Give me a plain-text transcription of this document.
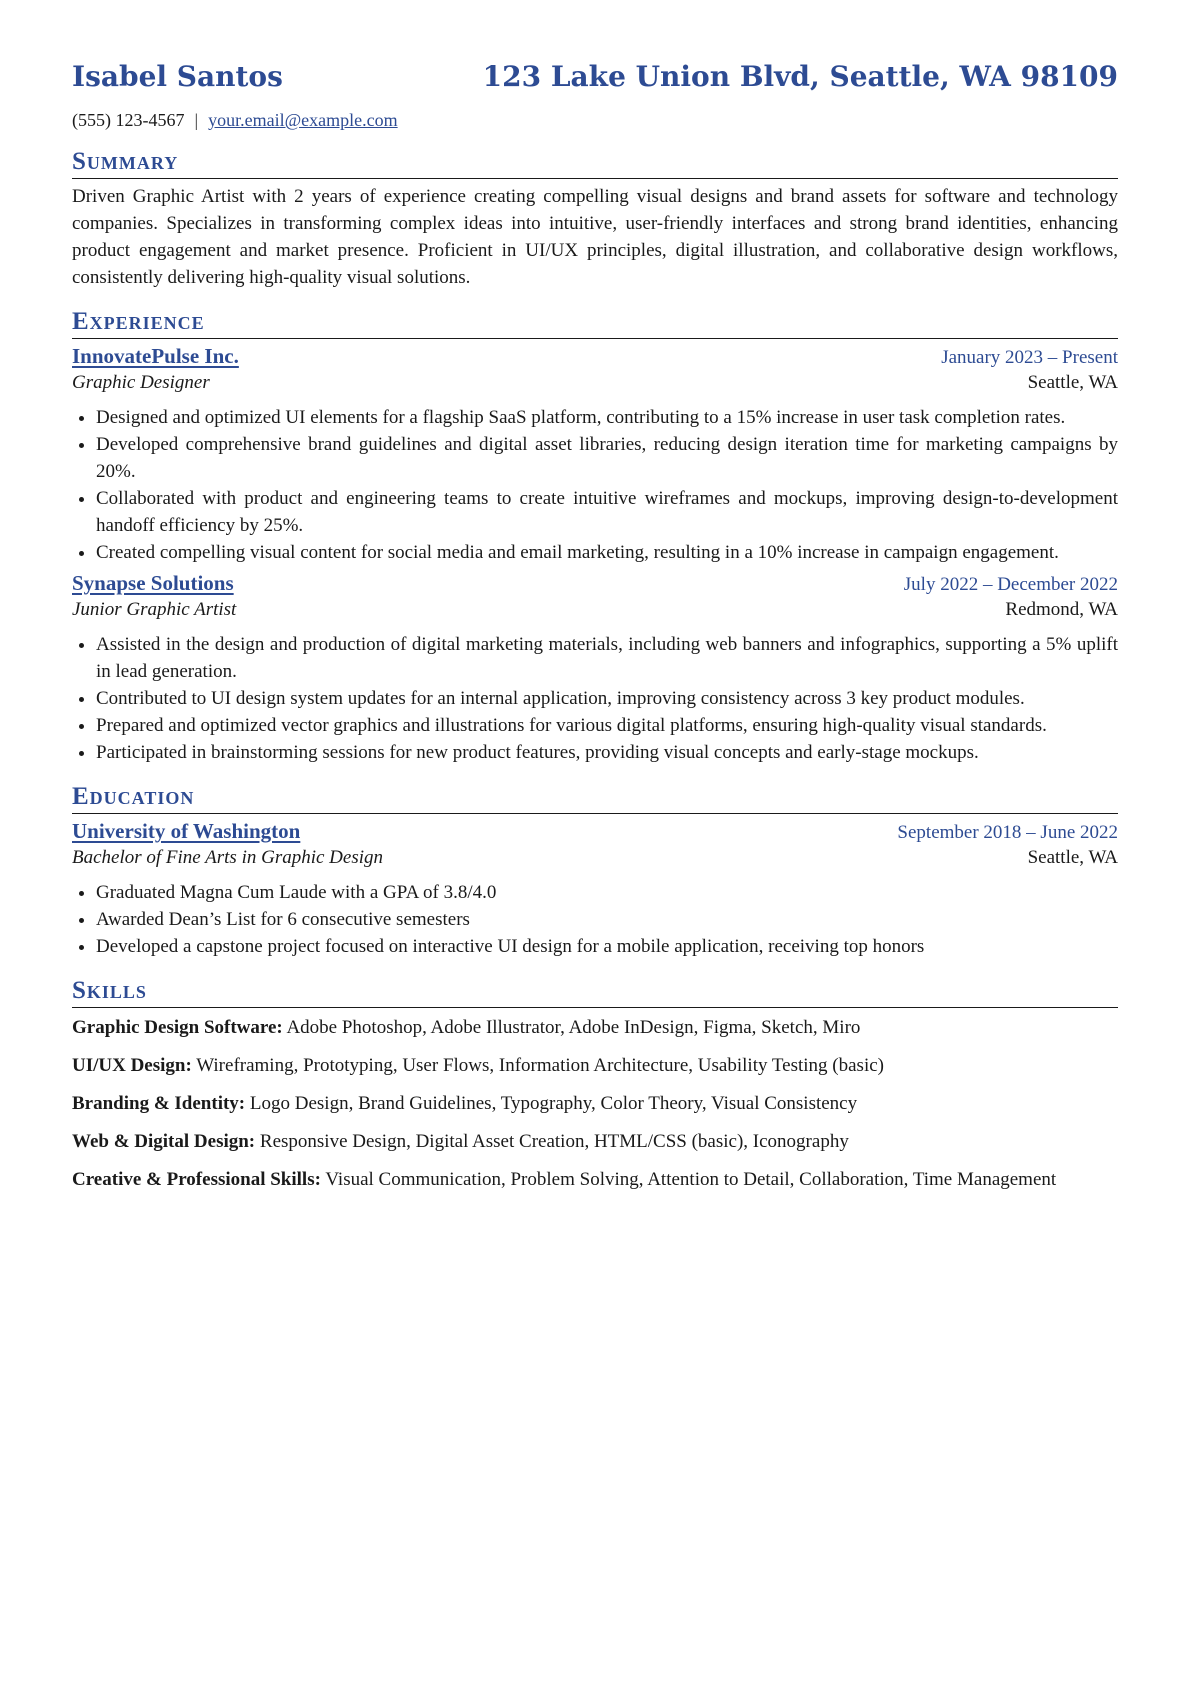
Isabel Santos	123 Lake Union Blvd, Seattle, WA 98109
(555) 123-4567 | your.email@example.com
Summary
Driven Graphic Artist with 2 years of experience creating compelling visual designs and brand assets for software and technology companies. Specializes in transforming complex ideas into intuitive, user-friendly interfaces and strong brand identities, enhancing product engagement and market presence. Proficient in UI/UX principles, digital illustration, and collaborative design workflows, consistently delivering high-quality visual solutions.
Experience
InnovatePulse Inc.	January 2023 – Present
Graphic Designer	Seattle, WA
• Designed and optimized UI elements for a flagship SaaS platform, contributing to a 15% increase in user task completion rates.
• Developed comprehensive brand guidelines and digital asset libraries, reducing design iteration time for marketing campaigns by 20%.
• Collaborated with product and engineering teams to create intuitive wireframes and mockups, improving design-to-development handoff efficiency by 25%.
• Created compelling visual content for social media and email marketing, resulting in a 10% increase in campaign engagement.
Synapse Solutions	July 2022 – December 2022
Junior Graphic Artist	Redmond, WA
• Assisted in the design and production of digital marketing materials, including web banners and infographics, supporting a 5% uplift in lead generation.
• Contributed to UI design system updates for an internal application, improving consistency across 3 key product modules.
• Prepared and optimized vector graphics and illustrations for various digital platforms, ensuring high-quality visual standards.
• Participated in brainstorming sessions for new product features, providing visual concepts and early-stage mockups.
Education
University of Washington	September 2018 – June 2022
Bachelor of Fine Arts in Graphic Design	Seattle, WA
• Graduated Magna Cum Laude with a GPA of 3.8/4.0
• Awarded Dean’s List for 6 consecutive semesters
• Developed a capstone project focused on interactive UI design for a mobile application, receiving top honors
Skills
Graphic Design Software: Adobe Photoshop, Adobe Illustrator, Adobe InDesign, Figma, Sketch, Miro
UI/UX Design: Wireframing, Prototyping, User Flows, Information Architecture, Usability Testing (basic)
Branding & Identity: Logo Design, Brand Guidelines, Typography, Color Theory, Visual Consistency
Web & Digital Design: Responsive Design, Digital Asset Creation, HTML/CSS (basic), Iconography
Creative & Professional Skills: Visual Communication, Problem Solving, Attention to Detail, Collaboration, Time Management
